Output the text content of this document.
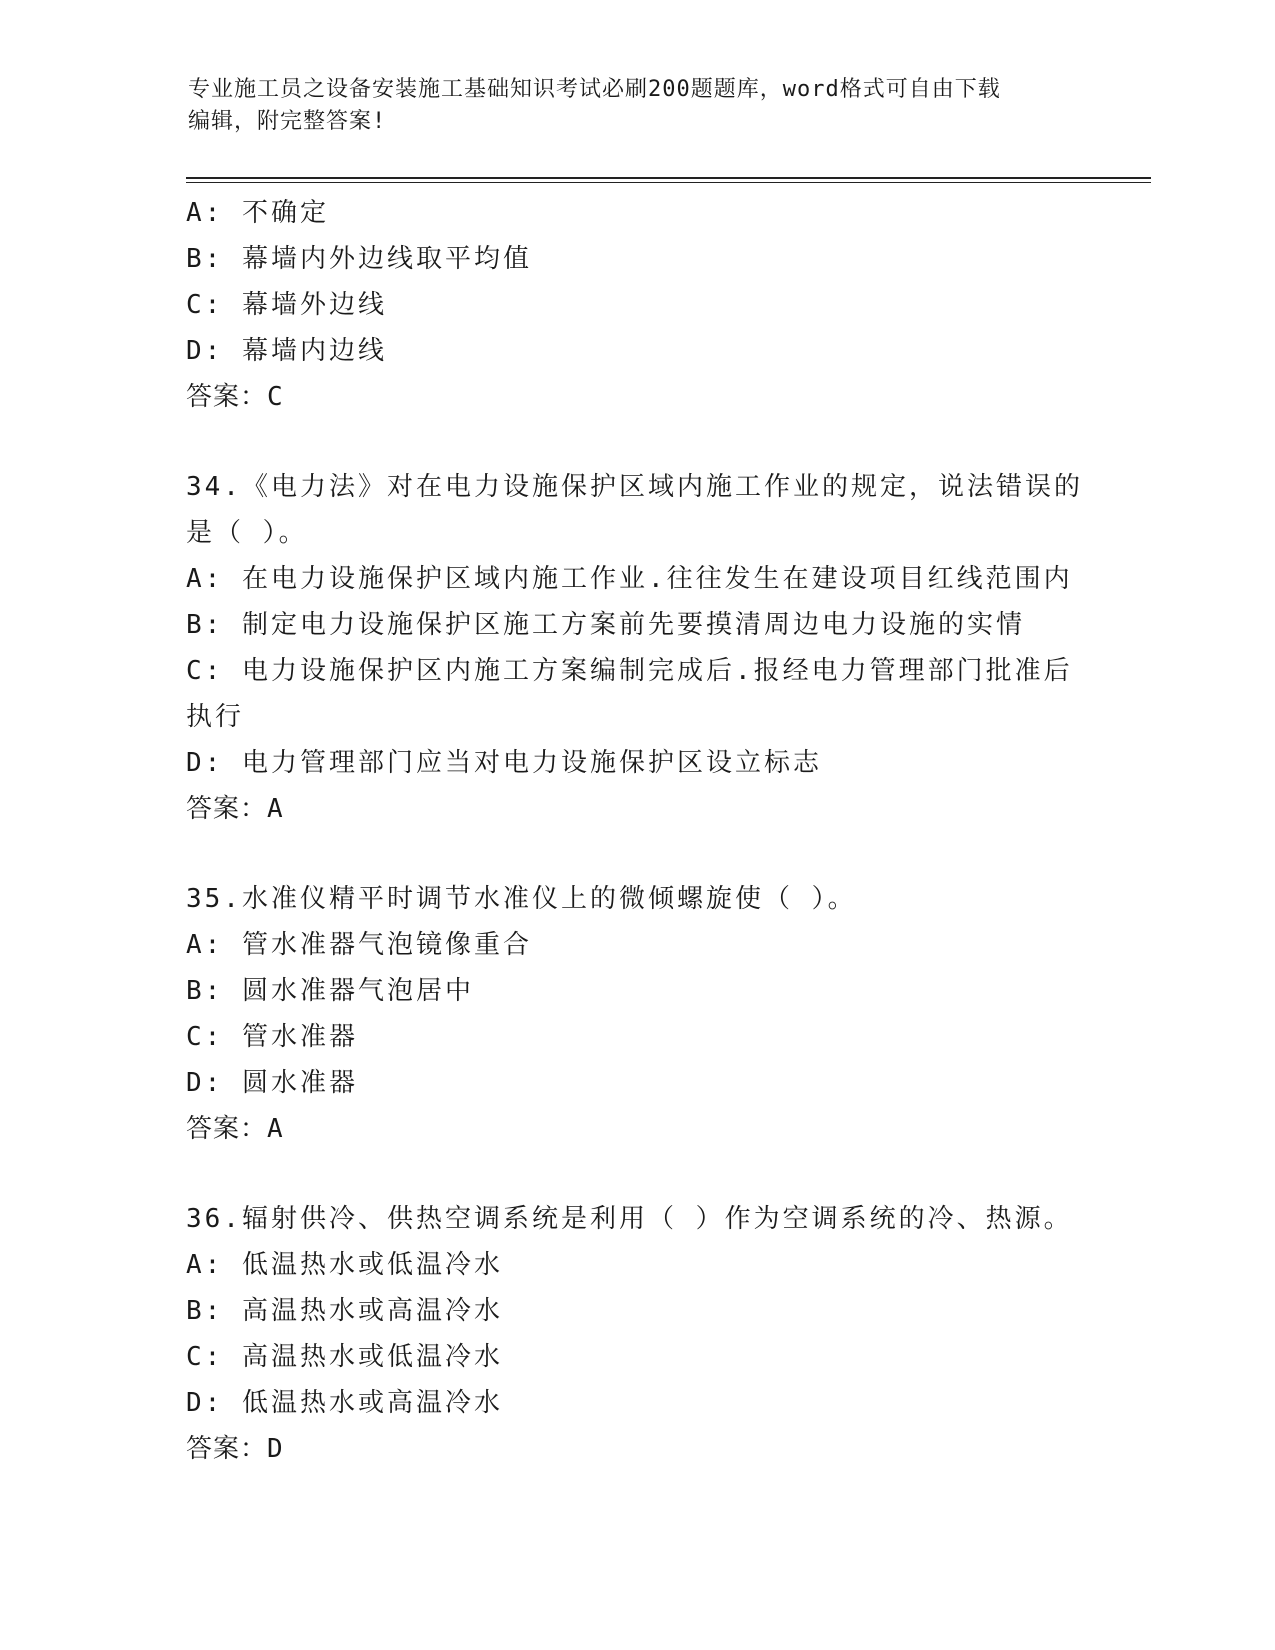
专业施工员之设备安装施工基础知识考试必刷200题题库，word格式可自由下载
编辑，附完整答案!
A: 不确定
B: 幕墙内外边线取平均值
C: 幕墙外边线
D: 幕墙内边线
答案：C
34.《电力法》对在电力设施保护区域内施工作业的规定，说法错误的
是（ ）。
A: 在电力设施保护区域内施工作业.往往发生在建设项目红线范围内
B: 制定电力设施保护区施工方案前先要摸清周边电力设施的实情
C: 电力设施保护区内施工方案编制完成后.报经电力管理部门批准后
执行
D: 电力管理部门应当对电力设施保护区设立标志
答案：A
35.水准仪精平时调节水准仪上的微倾螺旋使（ ）。
A: 管水准器气泡镜像重合
B: 圆水准器气泡居中
C: 管水准器
D: 圆水准器
答案：A
36.辐射供冷、供热空调系统是利用（ ）作为空调系统的冷、热源。
A: 低温热水或低温冷水
B: 高温热水或高温冷水
C: 高温热水或低温冷水
D: 低温热水或高温冷水
答案：D
